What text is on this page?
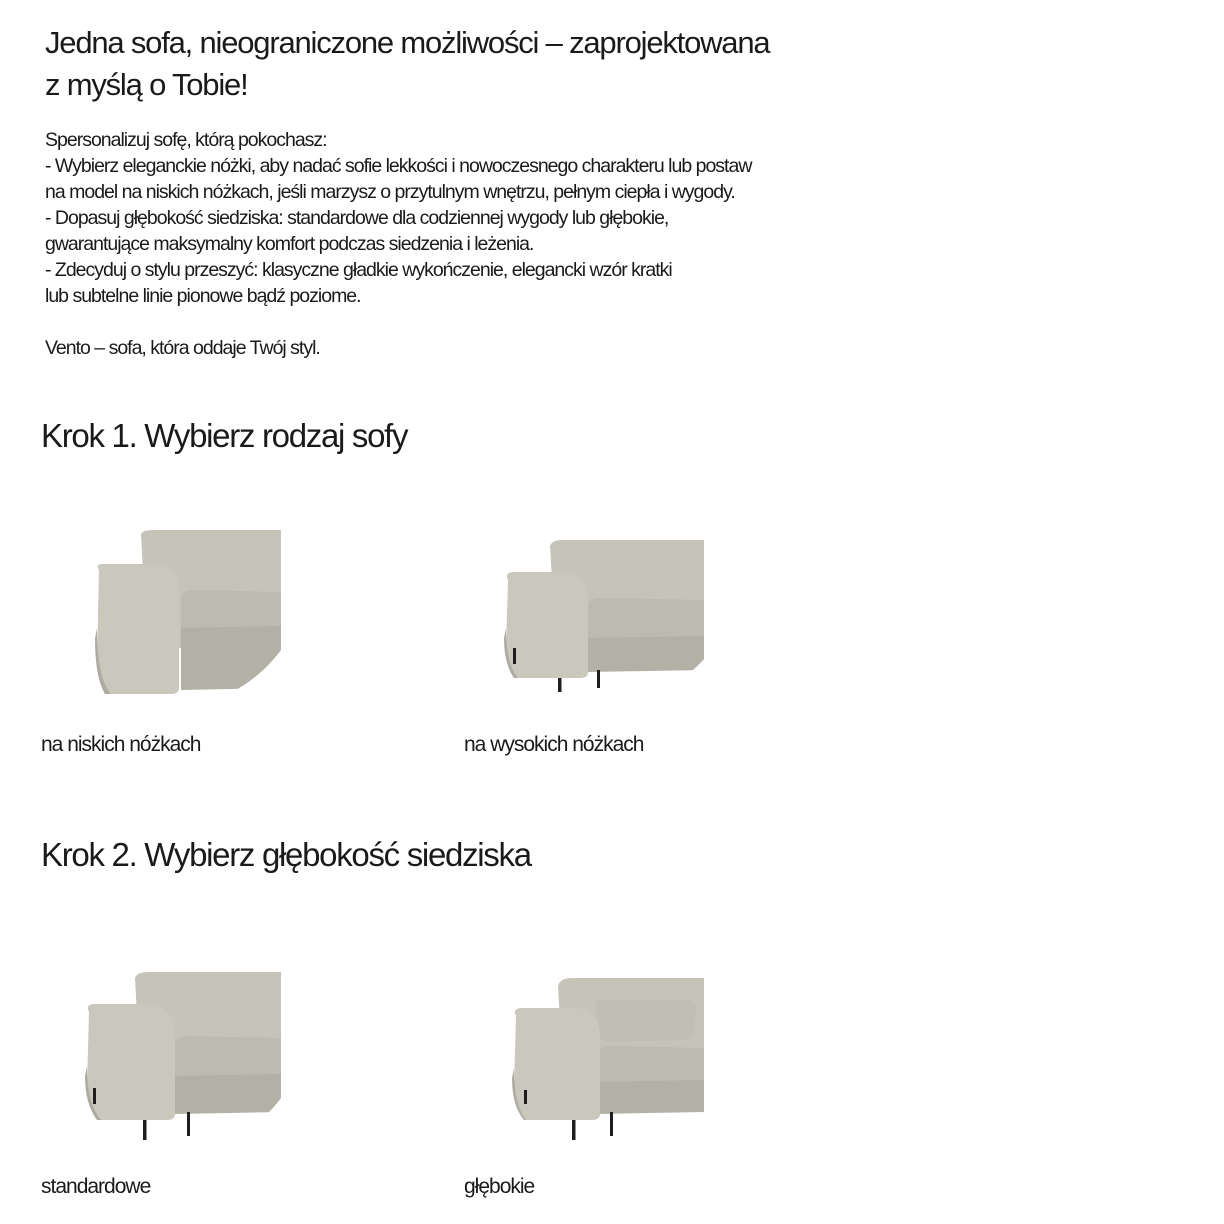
Jedna sofa, nieograniczone możliwości – zaprojektowana
z myślą o Tobie!

Spersonalizuj sofę, którą pokochasz:

- Wybierz eleganckie nóżki, aby nadać sofie lekkości i nowoczesnego charakteru lub postaw

na model na niskich nóżkach, jeśli marzysz o przytulnym wnętrzu, pełnym ciepła i wygody.

- Dopasuj głębokość siedziska: standardowe dla codziennej wygody lub głębokie,

gwarantujące maksymalny komfort podczas siedzenia i leżenia.

- Zdecyduj o stylu przeszyć: klasyczne gładkie wykończenie, elegancki wzór kratki

lub subtelne linie pionowe bądź poziome.

Vento – sofa, która oddaje Twój styl.

Krok 1. Wybierz rodzaj sofy
na niskich nóżkach	na wysokich nóżkach
Krok 2. Wybierz głębokość siedziska
standardowe	głębokie
